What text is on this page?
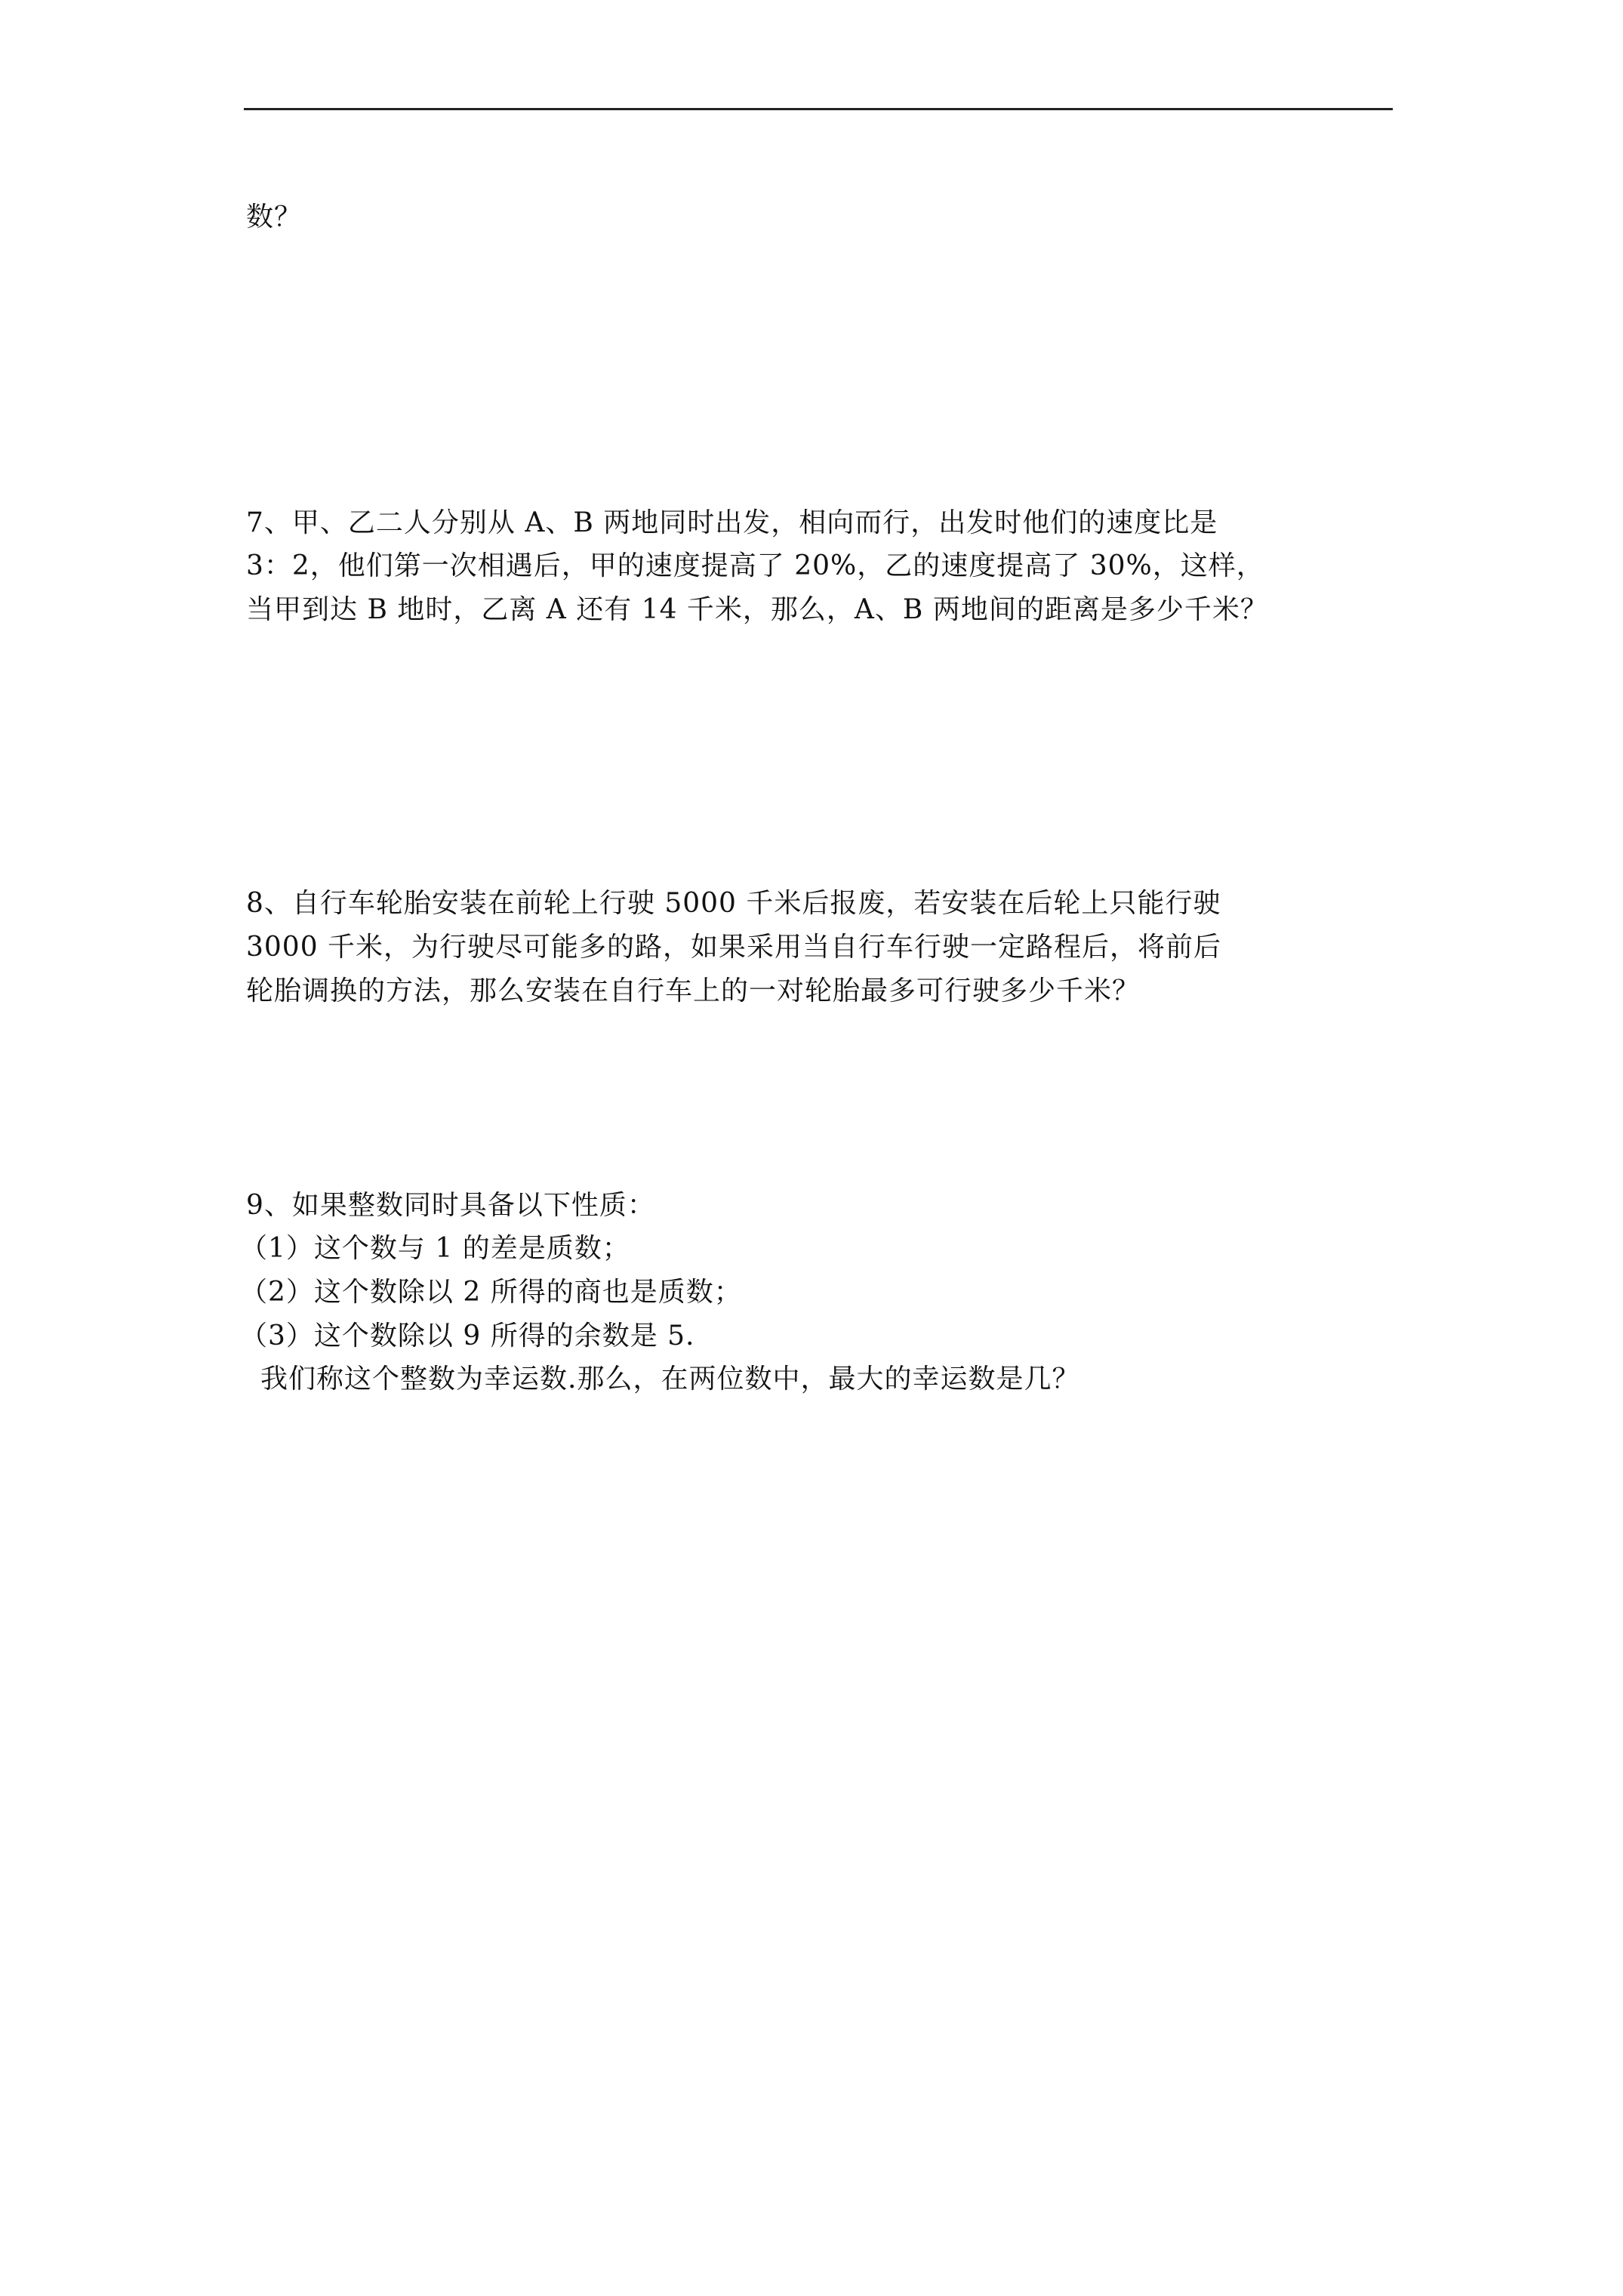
数？
7、甲、乙二人分别从 A、B 两地同时出发，相向而行，出发时他们的速度比是
3：2，他们第一次相遇后，甲的速度提高了 20%，乙的速度提高了 30%，这样，
当甲到达 B 地时，乙离 A 还有 14 千米，那么，A、B 两地间的距离是多少千米？
8、自行车轮胎安装在前轮上行驶 5000 千米后报废，若安装在后轮上只能行驶
3000 千米，为行驶尽可能多的路，如果采用当自行车行驶一定路程后，将前后
轮胎调换的方法，那么安装在自行车上的一对轮胎最多可行驶多少千米？
9、如果整数同时具备以下性质：
（1）这个数与 1 的差是质数；
（2）这个数除以 2 所得的商也是质数；
（3）这个数除以 9 所得的余数是 5.
我们称这个整数为幸运数.那么，在两位数中，最大的幸运数是几？
